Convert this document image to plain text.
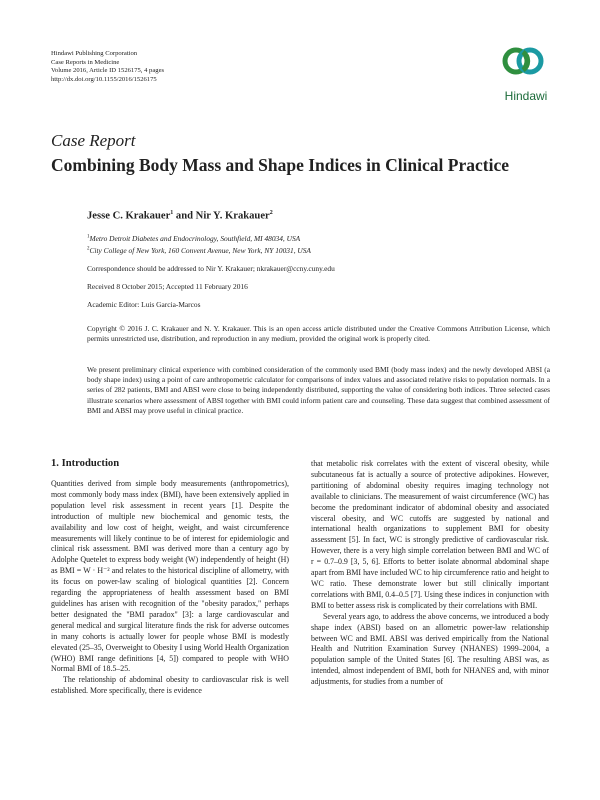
Hindawi Publishing Corporation
Case Reports in Medicine
Volume 2016, Article ID 1526175, 4 pages
http://dx.doi.org/10.1155/2016/1526175
Hindawi
Case Report
Combining Body Mass and Shape Indices in Clinical Practice
Jesse C. Krakauer$^1$ and Nir Y. Krakauer$^2$
$^1$Metro Detroit Diabetes and Endocrinology, Southfield, MI 48034, USA
$^2$City College of New York, 160 Convent Avenue, New York, NY 10031, USA
Correspondence should be addressed to Nir Y. Krakauer; nkrakauer@ccny.cuny.edu
Received 8 October 2015; Accepted 11 February 2016
Academic Editor: Luis Garcia-Marcos
Copyright © 2016 J. C. Krakauer and N. Y. Krakauer. This is an open access article distributed under the Creative Commons Attribution License, which permits unrestricted use, distribution, and reproduction in any medium, provided the original work is properly cited.
We present preliminary clinical experience with combined consideration of the commonly used BMI (body mass index) and the newly developed ABSI (a body shape index) using a point of care anthropometric calculator for comparisons of index values and associated relative risks to population normals. In a series of 282 patients, BMI and ABSI were close to being independently distributed, supporting the value of considering both indices. Three selected cases illustrate scenarios where assessment of ABSI together with BMI could inform patient care and counseling. These data suggest that combined assessment of BMI and ABSI may prove useful in clinical practice.
1. Introduction

Quantities derived from simple body measurements (anthropometrics), most commonly body mass index (BMI), have been extensively applied in population level risk assessment in recent years [1]. Despite the introduction of multiple new biochemical and genomic tests, the availability and low cost of height, weight, and waist circumference measurements will likely continue to be of interest for epidemiologic and clinical risk assessment. BMI was derived more than a century ago by Adolphe Quetelet to express body weight (W) independently of height (H) as BMI = W · H⁻² and relates to the historical discipline of allometry, with its focus on power-law scaling of biological quantities [2]. Concern regarding the appropriateness of health assessment based on BMI guidelines has arisen with recognition of the "obesity paradox," perhaps better designated the "BMI paradox" [3]: a large cardiovascular and general medical and surgical literature finds the risk for adverse outcomes in many cohorts is actually lower for people whose BMI is modestly elevated (25–35, Overweight to Obesity I using World Health Organization (WHO) BMI range definitions [4, 5]) compared to people with WHO Normal BMI of 18.5–25.

The relationship of abdominal obesity to cardiovascular risk is well established. More specifically, there is evidence

that metabolic risk correlates with the extent of visceral obesity, while subcutaneous fat is actually a source of protective adipokines. However, partitioning of abdominal obesity requires imaging technology not available to clinicians. The measurement of waist circumference (WC) has become the predominant indicator of abdominal obesity and associated visceral obesity, and WC cutoffs are suggested by national and international health organizations to supplement BMI for obesity assessment [5]. In fact, WC is strongly predictive of cardiovascular risk. However, there is a very high simple correlation between BMI and WC of r = 0.7–0.9 [3, 5, 6]. Efforts to better isolate abnormal abdominal shape apart from BMI have included WC to hip circumference ratio and height to WC ratio. These demonstrate lower but still clinically important correlations with BMI, 0.4–0.5 [7]. Using these indices in conjunction with BMI to better assess risk is complicated by their correlations with BMI.

Several years ago, to address the above concerns, we introduced a body shape index (ABSI) based on an allometric power-law relationship between WC and BMI. ABSI was derived empirically from the National Health and Nutrition Examination Survey (NHANES) 1999–2004, a population sample of the United States [6]. The resulting ABSI was, as intended, almost independent of BMI, both for NHANES and, with minor adjustments, for studies from a number of
